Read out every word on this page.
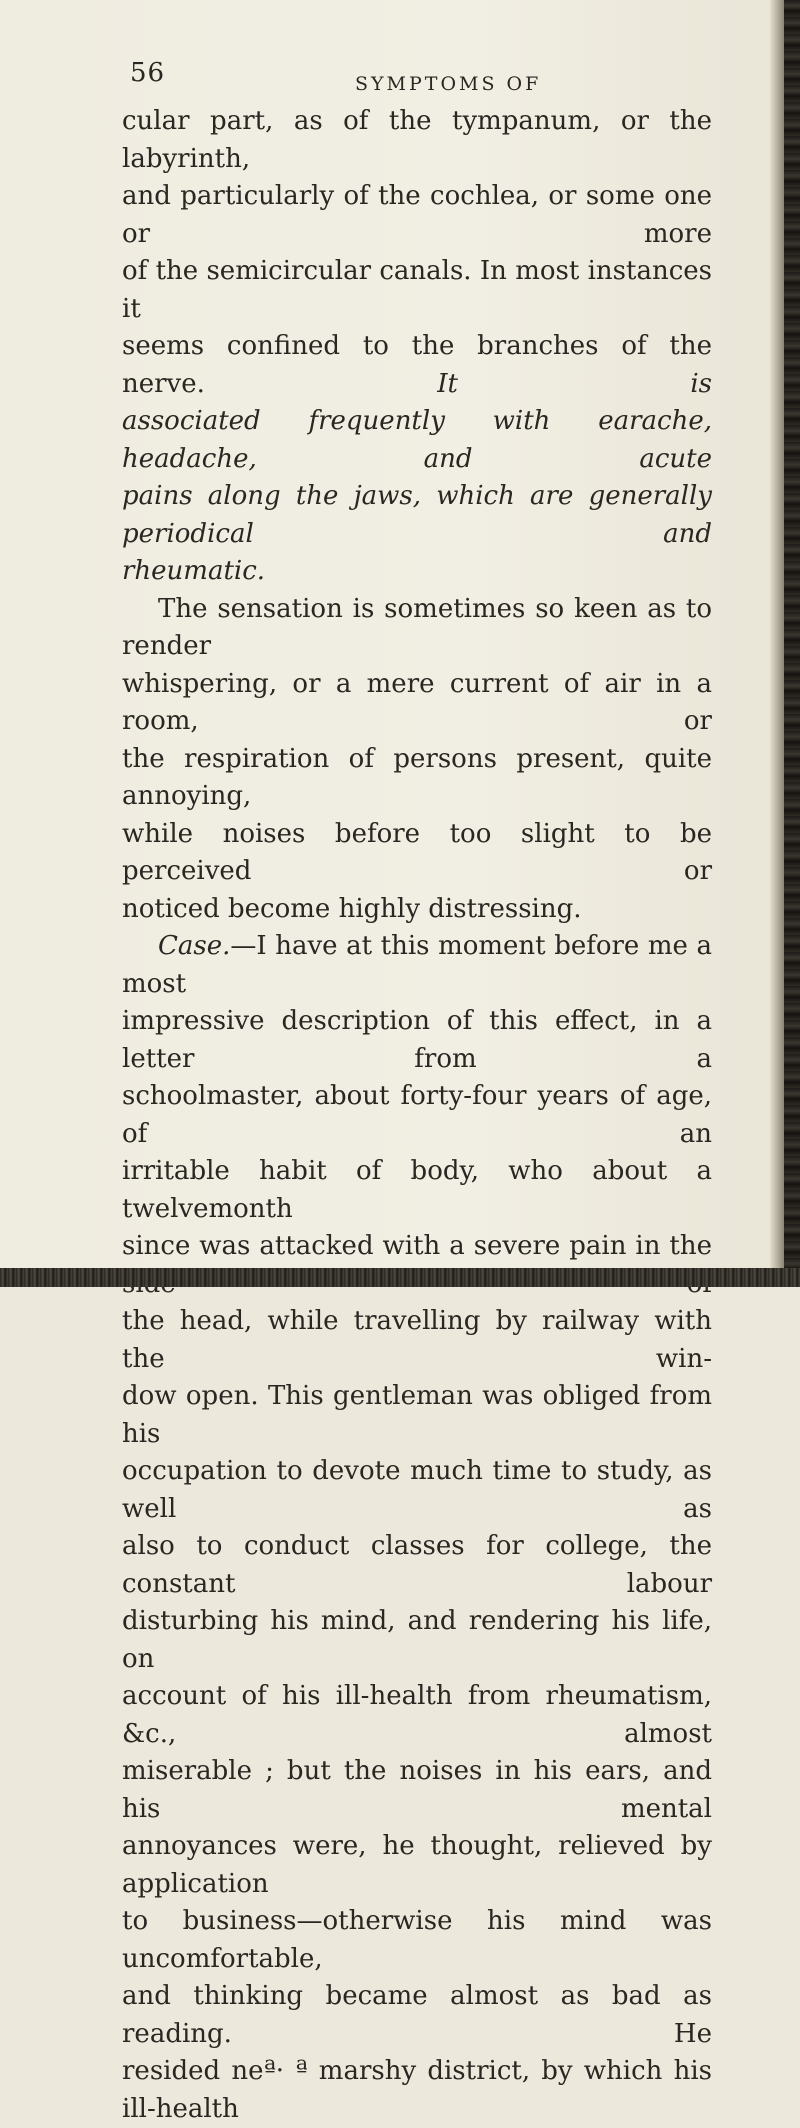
56	SYMPTOMS OF

cular part, as of the tympanum, or the labyrinth,

and particularly of the cochlea, or some one or more

of the semicircular canals. In most instances it

seems confined to the branches of the nerve.	It is

associated frequently with earache, headache, and acute

pains along the jaws, which are generally periodical and

rheumatic.

The sensation is sometimes so keen as to render

whispering, or a mere current of air in a room, or

the respiration of persons present, quite annoying,

while noises before too slight to be perceived or

noticed become highly distressing.

Case.—I have at this moment before me a most

impressive description of this effect, in a letter from a

schoolmaster, about forty-four years of age, of an

irritable habit of body, who about a twelvemonth

since was attacked with a severe pain in the

the head, while travelling by railway with the win-

dow open. This gentleman was obliged from his

occupation to devote much time to study, as well as

also to conduct classes for college, the constant labour

disturbing his mind, and rendering his life, on

account of his ill-health from rheumatism, &c., almost

miserable ; but the noises in his ears, and his mental

annoyances were, he thought, relieved by application

to business—otherwise his mind was uncomfortable,

and thinking became almost as bad as reading. He

resided neª· ª marshy district, by which his ill-health
